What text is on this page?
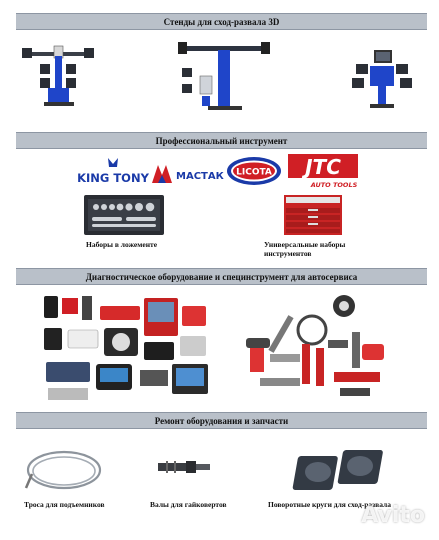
Стенды для сход-развала 3D
Профессиональный инструмент
KING TONY	МАСТАК LICOTA JTC
AUTO TOOLS
Наборы в ложементе	Универсальные наборы инструментов
Диагностическое оборудование и специнструмент для автосервиса
Ремонт оборудования и запчасти
Троса для подъемников	Валы для гайковертов	Поворотные круги для сход-развала
Avito
